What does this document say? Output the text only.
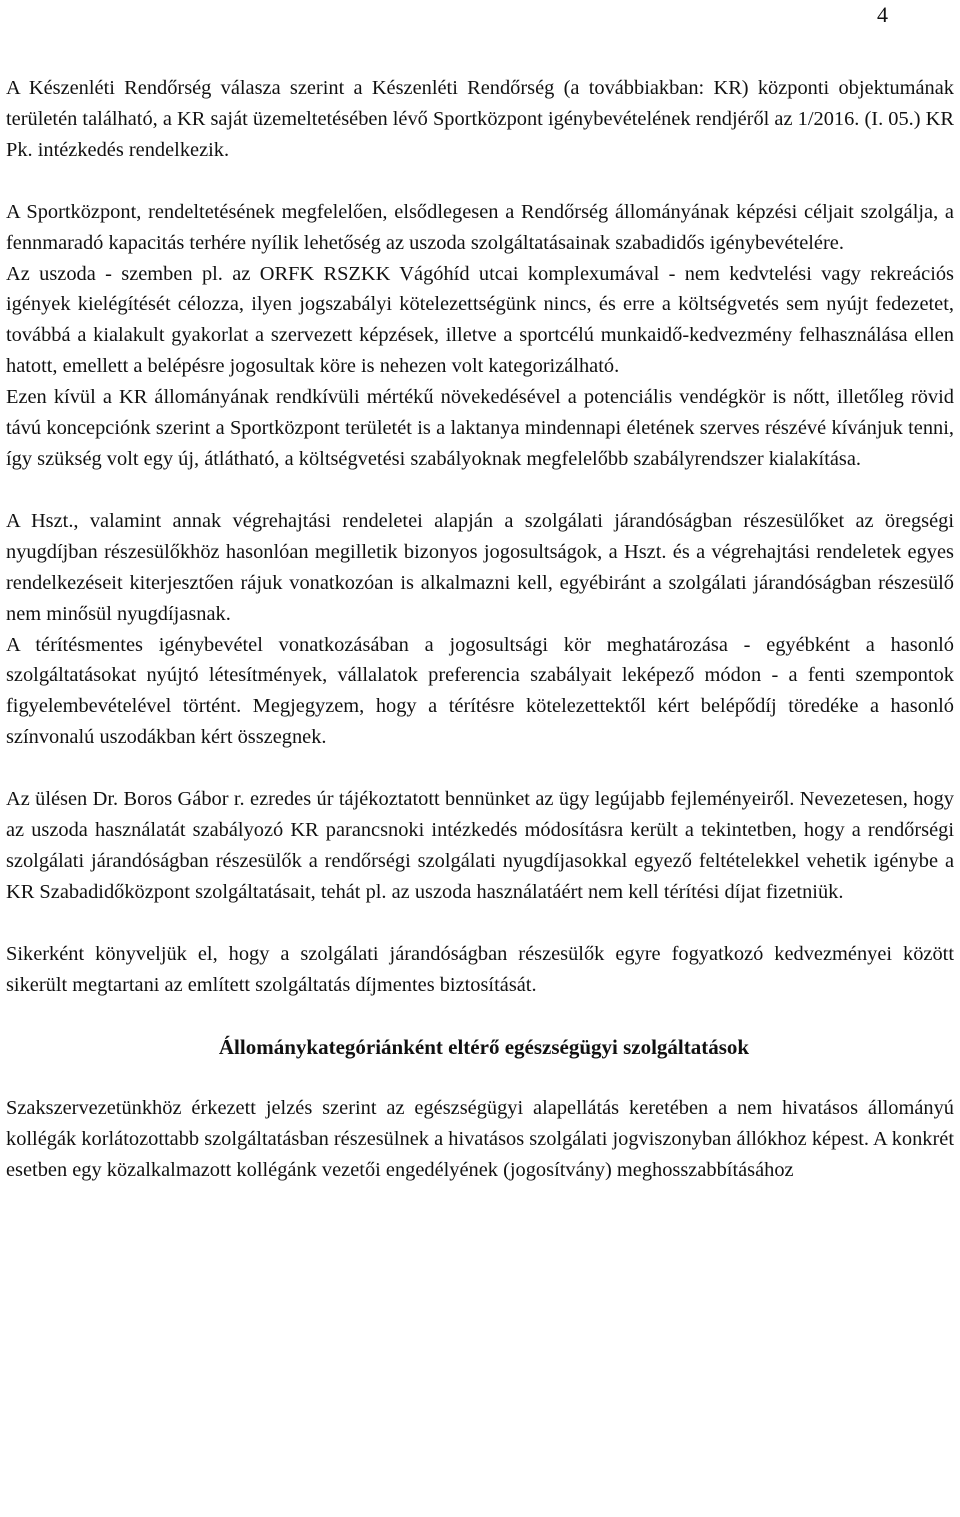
4

A Készenléti Rendőrség válasza szerint a Készenléti Rendőrség (a továbbiakban: KR) központi objektumának területén található, a KR saját üzemeltetésében lévő Sportközpont igénybevételének rendjéről az 1/2016. (I. 05.) KR Pk. intézkedés rendelkezik.

A Sportközpont, rendeltetésének megfelelően, elsődlegesen a Rendőrség állományának képzési céljait szolgálja, a fennmaradó kapacitás terhére nyílik lehetőség az uszoda szolgáltatásainak szabadidős igénybevételére.

Az uszoda - szemben pl. az ORFK RSZKK Vágóhíd utcai komplexumával - nem kedvtelési vagy rekreációs igények kielégítését célozza, ilyen jogszabályi kötelezettségünk nincs, és erre a költségvetés sem nyújt fedezetet, továbbá a kialakult gyakorlat a szervezett képzések, illetve a sportcélú munkaidő-kedvezmény felhasználása ellen hatott, emellett a belépésre jogosultak köre is nehezen volt kategorizálható.

Ezen kívül a KR állományának rendkívüli mértékű növekedésével a potenciális vendégkör is nőtt, illetőleg rövid távú koncepciónk szerint a Sportközpont területét is a laktanya mindennapi életének szerves részévé kívánjuk tenni, így szükség volt egy új, átlátható, a költségvetési szabályoknak megfelelőbb szabályrendszer kialakítása.

A Hszt., valamint annak végrehajtási rendeletei alapján a szolgálati járandóságban részesülőket az öregségi nyugdíjban részesülőkhöz hasonlóan megilletik bizonyos jogosultságok, a Hszt. és a végrehajtási rendeletek egyes rendelkezéseit kiterjesztően rájuk vonatkozóan is alkalmazni kell, egyébiránt a szolgálati járandóságban részesülő nem minősül nyugdíjasnak.

A térítésmentes igénybevétel vonatkozásában a jogosultsági kör meghatározása - egyébként a hasonló szolgáltatásokat nyújtó létesítmények, vállalatok preferencia szabályait leképező módon - a fenti szempontok figyelembevételével történt. Megjegyzem, hogy a térítésre kötelezettektől kért belépődíj töredéke a hasonló színvonalú uszodákban kért összegnek.

Az ülésen Dr. Boros Gábor r. ezredes úr tájékoztatott bennünket az ügy legújabb fejleményeiről. Nevezetesen, hogy az uszoda használatát szabályozó KR parancsnoki intézkedés módosításra került a tekintetben, hogy a rendőrségi szolgálati járandóságban részesülők a rendőrségi szolgálati nyugdíjasokkal egyező feltételekkel vehetik igénybe a KR Szabadidőközpont szolgáltatásait, tehát pl. az uszoda használatáért nem kell térítési díjat fizetniük.

Sikerként könyveljük el, hogy a szolgálati járandóságban részesülők egyre fogyatkozó kedvezményei között sikerült megtartani az említett szolgáltatás díjmentes biztosítását.

Állománykategóriánként eltérő egészségügyi szolgáltatások

Szakszervezetünkhöz érkezett jelzés szerint az egészségügyi alapellátás keretében a nem hivatásos állományú kollégák korlátozottabb szolgáltatásban részesülnek a hivatásos szolgálati jogviszonyban állókhoz képest. A konkrét esetben egy közalkalmazott kollégánk vezetői engedélyének (jogosítvány) meghosszabbításához
